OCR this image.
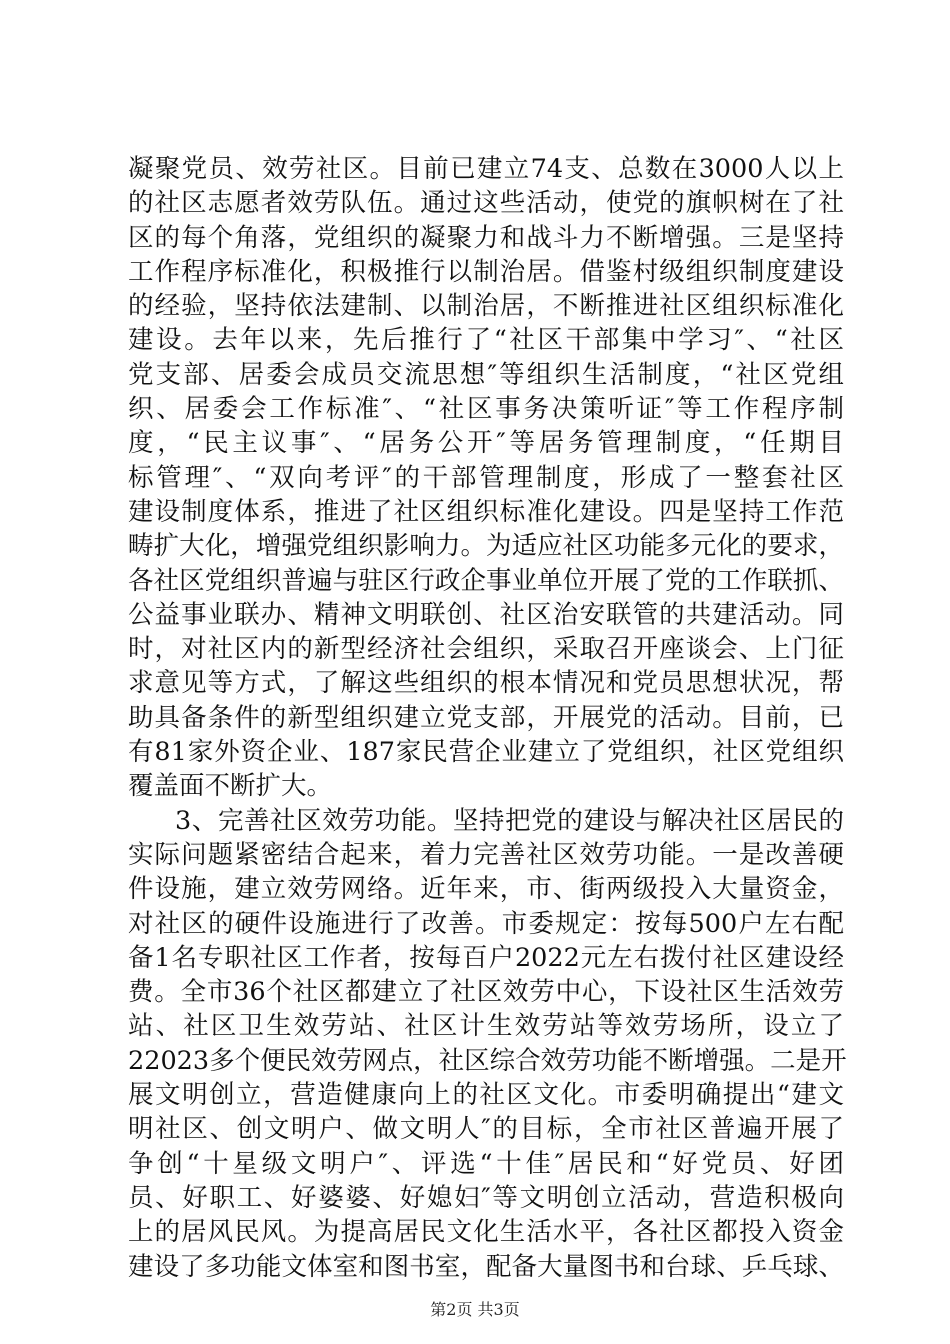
凝聚党员、效劳社区。目前已建立74支、总数在3000人以上
的社区志愿者效劳队伍。通过这些活动，使党的旗帜树在了社
区的每个角落，党组织的凝聚力和战斗力不断增强。三是坚持
工作程序标准化，积极推行以制治居。借鉴村级组织制度建设
的经验，坚持依法建制、以制治居，不断推进社区组织标准化
建设。去年以来，先后推行了“社区干部集中学习″、“社区
党支部、居委会成员交流思想″等组织生活制度，“社区党组
织、居委会工作标准″、“社区事务决策听证″等工作程序制
度，“民主议事″、“居务公开″等居务管理制度，“任期目
标管理″、“双向考评″的干部管理制度，形成了一整套社区
建设制度体系，推进了社区组织标准化建设。四是坚持工作范
畴扩大化，增强党组织影响力。为适应社区功能多元化的要求，
各社区党组织普遍与驻区行政企事业单位开展了党的工作联抓、
公益事业联办、精神文明联创、社区治安联管的共建活动。同
时，对社区内的新型经济社会组织，采取召开座谈会、上门征
求意见等方式，了解这些组织的根本情况和党员思想状况，帮
助具备条件的新型组织建立党支部，开展党的活动。目前，已
有81家外资企业、187家民营企业建立了党组织，社区党组织
覆盖面不断扩大。
3、完善社区效劳功能。坚持把党的建设与解决社区居民的
实际问题紧密结合起来，着力完善社区效劳功能。一是改善硬
件设施，建立效劳网络。近年来，市、街两级投入大量资金，
对社区的硬件设施进行了改善。市委规定：按每500户左右配
备1名专职社区工作者，按每百户2022元左右拨付社区建设经
费。全市36个社区都建立了社区效劳中心，下设社区生活效劳
站、社区卫生效劳站、社区计生效劳站等效劳场所，设立了
22023多个便民效劳网点，社区综合效劳功能不断增强。二是开
展文明创立，营造健康向上的社区文化。市委明确提出“建文
明社区、创文明户、做文明人″的目标，全市社区普遍开展了
争创“十星级文明户″、评选“十佳″居民和“好党员、好团
员、好职工、好婆婆、好媳妇″等文明创立活动，营造积极向
上的居风民风。为提高居民文化生活水平，各社区都投入资金
建设了多功能文体室和图书室，配备大量图书和台球、乒乓球、
第2页 共3页
